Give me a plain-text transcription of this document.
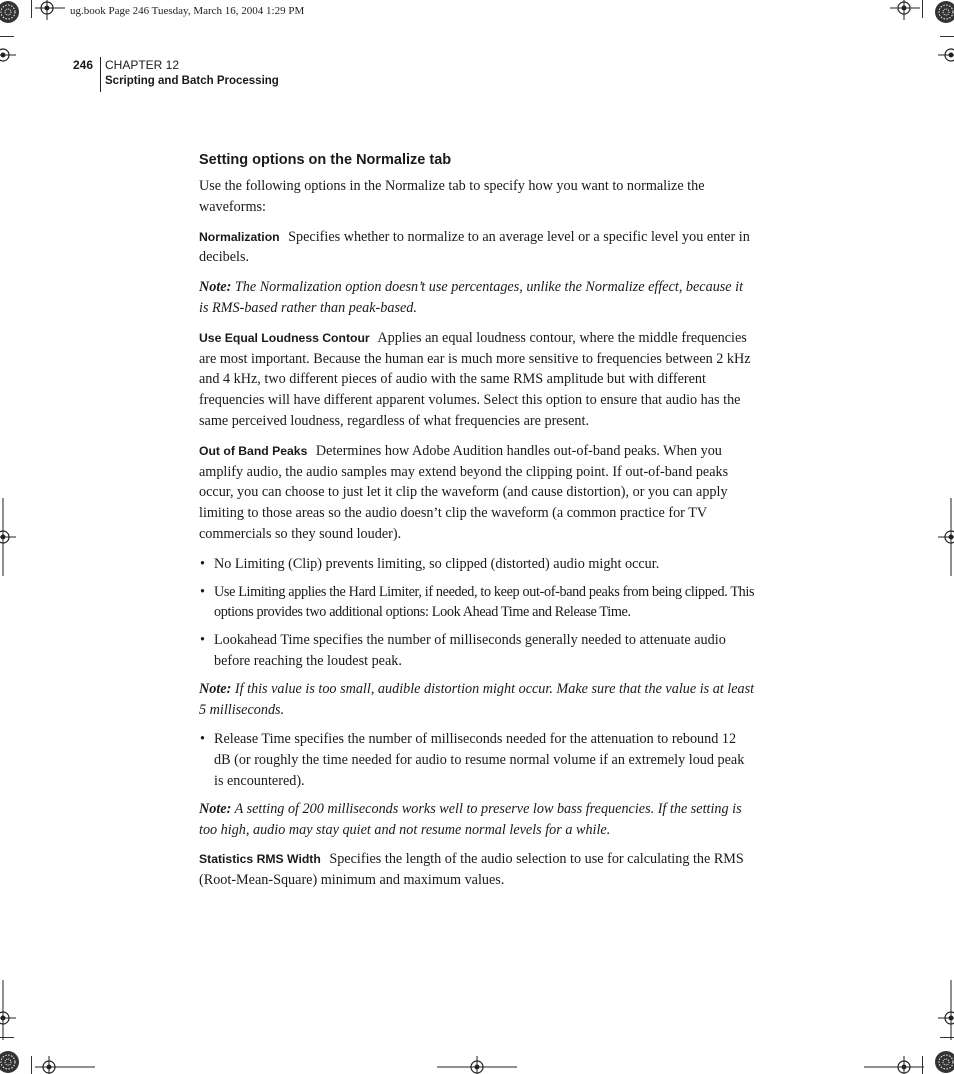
ug.book Page 246 Tuesday, March 16, 2004 1:29 PM
246 CHAPTER 12
Scripting and Batch Processing
Setting options on the Normalize tab

Use the following options in the Normalize tab to specify how you want to normalize the waveforms:

Normalization Specifies whether to normalize to an average level or a specific level you enter in decibels.

Note: The Normalization option doesn’t use percentages, unlike the Normalize effect, because it is RMS-based rather than peak-based.

Use Equal Loudness Contour Applies an equal loudness contour, where the middle frequencies are most important. Because the human ear is much more sensitive to frequencies between 2 kHz and 4 kHz, two different pieces of audio with the same RMS amplitude but with different frequencies will have different apparent volumes. Select this option to ensure that audio has the same perceived loudness, regardless of what frequencies are present.

Out of Band Peaks Determines how Adobe Audition handles out-of-band peaks. When you amplify audio, the audio samples may extend beyond the clipping point. If out-of-band peaks occur, you can choose to just let it clip the waveform (and cause distortion), or you can apply limiting to those areas so the audio doesn’t clip the waveform (a common practice for TV commercials so they sound louder).

• No Limiting (Clip) prevents limiting, so clipped (distorted) audio might occur.
• Use Limiting applies the Hard Limiter, if needed, to keep out-of-band peaks from being clipped. This options provides two additional options: Look Ahead Time and Release Time.
• Lookahead Time specifies the number of milliseconds generally needed to attenuate audio before reaching the loudest peak.

Note: If this value is too small, audible distortion might occur. Make sure that the value is at least 5 milliseconds.

• Release Time specifies the number of milliseconds needed for the attenuation to rebound 12 dB (or roughly the time needed for audio to resume normal volume if an extremely loud peak is encountered).

Note: A setting of 200 milliseconds works well to preserve low bass frequencies. If the setting is too high, audio may stay quiet and not resume normal levels for a while.

Statistics RMS Width Specifies the length of the audio selection to use for calculating the RMS (Root-Mean-Square) minimum and maximum values.
